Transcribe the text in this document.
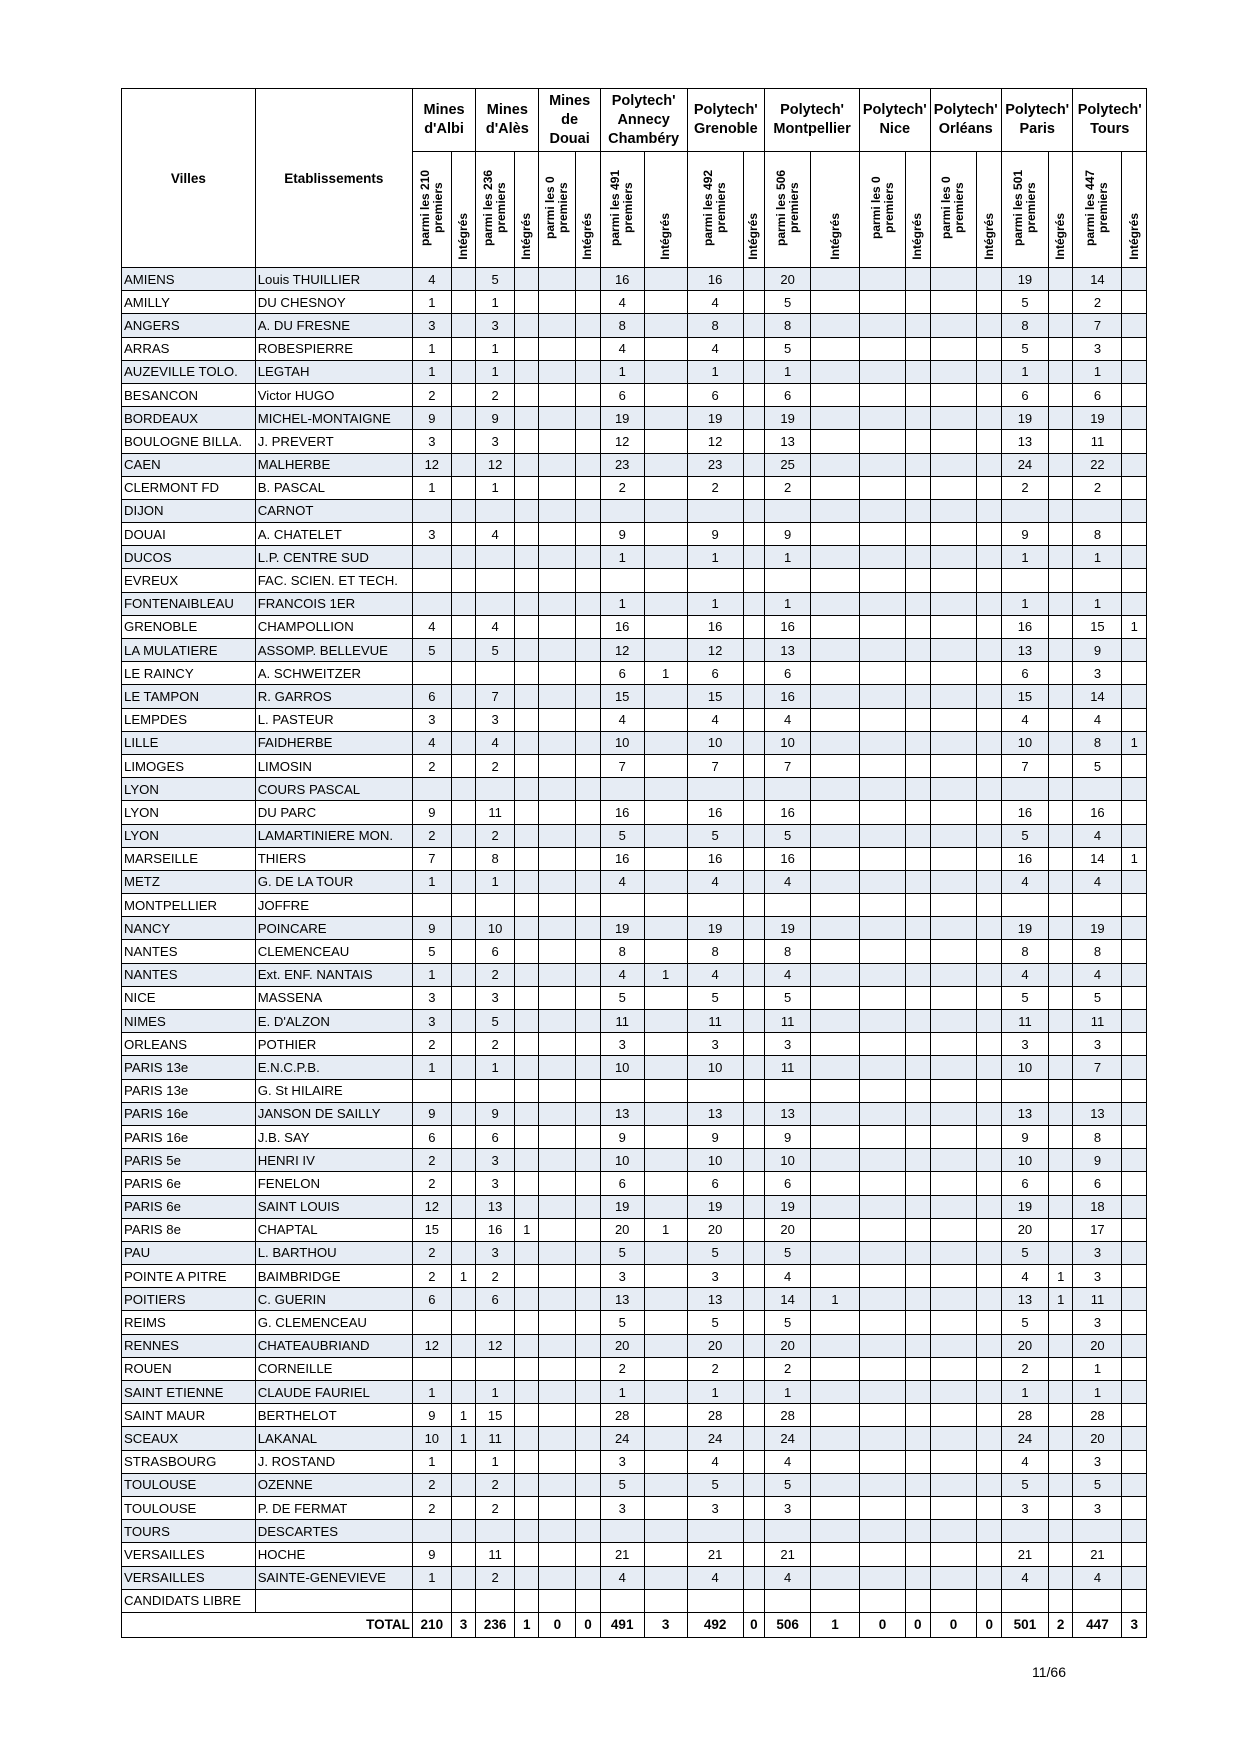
Villes	Etablissements	Mines d'Albi		Mines d'Alès		Mines de Douai		Polytech' Annecy Chambéry		Polytech' Grenoble		Polytech' Montpellier		Polytech' Nice		Polytech' Orléans		Polytech' Paris		Polytech' Tours	
		parmi les 210 premiers	Intégrés	parmi les 236 premiers	Intégrés	parmi les 0 premiers	Intégrés	parmi les 491 premiers	Intégrés	parmi les 492 premiers	Intégrés	parmi les 506 premiers	Intégrés	parmi les 0 premiers	Intégrés	parmi les 0 premiers	Intégrés	parmi les 501 premiers	Intégrés	parmi les 447 premiers	Intégrés
AMIENS	Louis THUILLIER	4		5				16		16		20						19		14	
AMILLY	DU CHESNOY	1		1				4		4		5						5		2	
ANGERS	A. DU FRESNE	3		3				8		8		8						8		7	
ARRAS	ROBESPIERRE	1		1				4		4		5						5		3	
AUZEVILLE TOLO.	LEGTAH	1		1				1		1		1						1		1	
BESANCON	Victor HUGO	2		2				6		6		6						6		6	
BORDEAUX	MICHEL-MONTAIGNE	9		9				19		19		19						19		19	
BOULOGNE BILLA.	J. PREVERT	3		3				12		12		13						13		11	
CAEN	MALHERBE	12		12				23		23		25						24		22	
CLERMONT FD	B. PASCAL	1		1				2		2		2						2		2	
DIJON	CARNOT																				
DOUAI	A. CHATELET	3		4				9		9		9						9		8	
DUCOS	L.P. CENTRE SUD							1		1		1						1		1	
EVREUX	FAC. SCIEN. ET TECH.																				
FONTENAIBLEAU	FRANCOIS 1ER							1		1		1						1		1	
GRENOBLE	CHAMPOLLION	4		4				16		16		16						16		15	1
LA MULATIERE	ASSOMP. BELLEVUE	5		5				12		12		13						13		9	
LE RAINCY	A. SCHWEITZER							6	1	6		6						6		3	
LE TAMPON	R. GARROS	6		7				15		15		16						15		14	
LEMPDES	L. PASTEUR	3		3				4		4		4						4		4	
LILLE	FAIDHERBE	4		4				10		10		10						10		8	1
LIMOGES	LIMOSIN	2		2				7		7		7						7		5	
LYON	COURS PASCAL																				
LYON	DU PARC	9		11				16		16		16						16		16	
LYON	LAMARTINIERE MON.	2		2				5		5		5						5		4	
MARSEILLE	THIERS	7		8				16		16		16						16		14	1
METZ	G. DE LA TOUR	1		1				4		4		4						4		4	
MONTPELLIER	JOFFRE																				
NANCY	POINCARE	9		10				19		19		19						19		19	
NANTES	CLEMENCEAU	5		6				8		8		8						8		8	
NANTES	Ext. ENF. NANTAIS	1		2				4	1	4		4						4		4	
NICE	MASSENA	3		3				5		5		5						5		5	
NIMES	E. D'ALZON	3		5				11		11		11						11		11	
ORLEANS	POTHIER	2		2				3		3		3						3		3	
PARIS 13e	E.N.C.P.B.	1		1				10		10		11						10		7	
PARIS 13e	G. St HILAIRE																				
PARIS 16e	JANSON DE SAILLY	9		9				13		13		13						13		13	
PARIS 16e	J.B. SAY	6		6				9		9		9						9		8	
PARIS 5e	HENRI IV	2		3				10		10		10						10		9	
PARIS 6e	FENELON	2		3				6		6		6						6		6	
PARIS 6e	SAINT LOUIS	12		13				19		19		19						19		18	
PARIS 8e	CHAPTAL	15		16	1			20	1	20		20						20		17	
PAU	L. BARTHOU	2		3				5		5		5						5		3	
POINTE A PITRE	BAIMBRIDGE	2	1	2				3		3		4						4	1	3	
POITIERS	C. GUERIN	6		6				13		13		14	1					13	1	11	
REIMS	G. CLEMENCEAU							5		5		5						5		3	
RENNES	CHATEAUBRIAND	12		12				20		20		20						20		20	
ROUEN	CORNEILLE							2		2		2						2		1	
SAINT ETIENNE	CLAUDE FAURIEL	1		1				1		1		1						1		1	
SAINT MAUR	BERTHELOT	9	1	15				28		28		28						28		28	
SCEAUX	LAKANAL	10	1	11				24		24		24						24		20	
STRASBOURG	J. ROSTAND	1		1				3		4		4						4		3	
TOULOUSE	OZENNE	2		2				5		5		5						5		5	
TOULOUSE	P. DE FERMAT	2		2				3		3		3						3		3	
TOURS	DESCARTES																				
VERSAILLES	HOCHE	9		11				21		21		21						21		21	
VERSAILLES	SAINTE-GENEVIEVE	1		2				4		4		4						4		4	
CANDIDATS LIBRE																					
	TOTAL	210	3	236	1	0	0	491	3	492	0	506	1	0	0	0	0	501	2	447	3
11/66
